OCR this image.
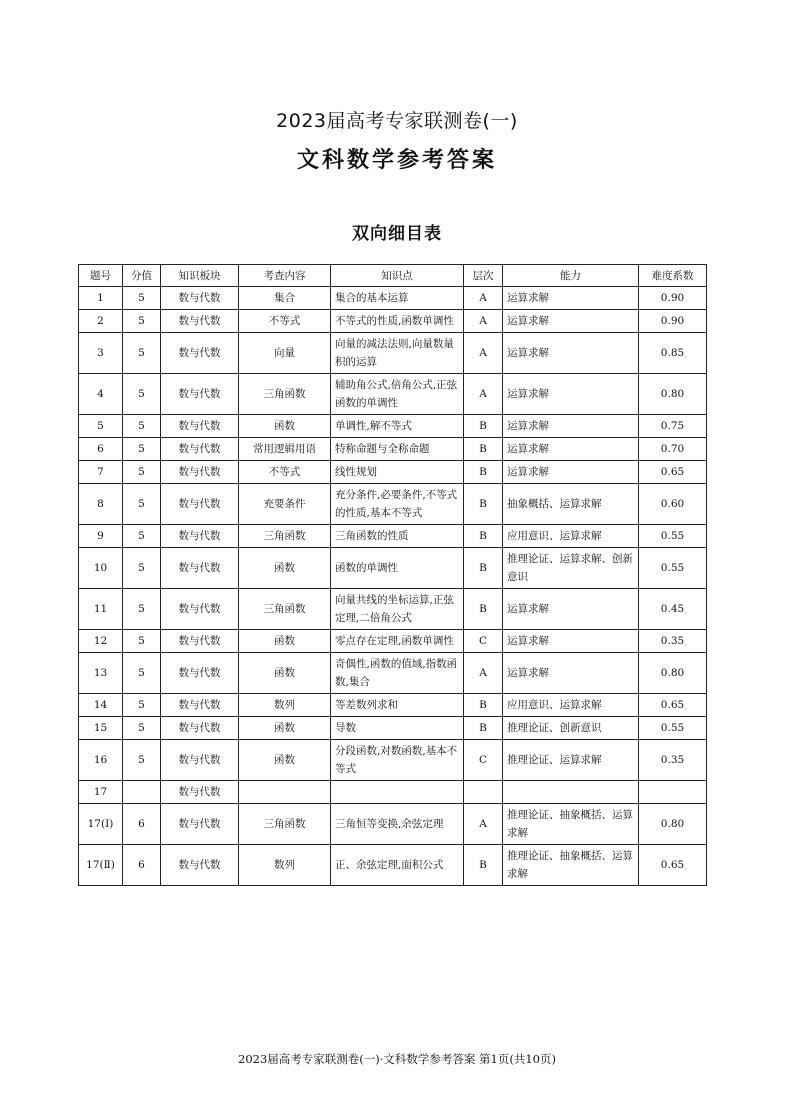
2023届高考专家联测卷(一)
文科数学参考答案
双向细目表
题号	分值	知识板块	考查内容	知识点	层次	能力	难度系数
1	5	数与代数	集合	集合的基本运算	A	运算求解	0.90
2	5	数与代数	不等式	不等式的性质,函数单调性	A	运算求解	0.90
3	5	数与代数	向量	向量的减法法则,向量数量积的运算	A	运算求解	0.85
4	5	数与代数	三角函数	辅助角公式,倍角公式,正弦函数的单调性	A	运算求解	0.80
5	5	数与代数	函数	单调性,解不等式	B	运算求解	0.75
6	5	数与代数	常用逻辑用语	特称命题与全称命题	B	运算求解	0.70
7	5	数与代数	不等式	线性规划	B	运算求解	0.65
8	5	数与代数	充要条件	充分条件,必要条件,不等式的性质,基本不等式	B	抽象概括、运算求解	0.60
9	5	数与代数	三角函数	三角函数的性质	B	应用意识、运算求解	0.55
10	5	数与代数	函数	函数的单调性	B	推理论证、运算求解、创新意识	0.55
11	5	数与代数	三角函数	向量共线的坐标运算,正弦定理,二倍角公式	B	运算求解	0.45
12	5	数与代数	函数	零点存在定理,函数单调性	C	运算求解	0.35
13	5	数与代数	函数	奇偶性,函数的值域,指数函数,集合	A	运算求解	0.80
14	5	数与代数	数列	等差数列求和	B	应用意识、运算求解	0.65
15	5	数与代数	函数	导数	B	推理论证、创新意识	0.55
16	5	数与代数	函数	分段函数,对数函数,基本不等式	C	推理论证、运算求解	0.35
17		数与代数					
17(Ⅰ)	6	数与代数	三角函数	三角恒等变换,余弦定理	A	推理论证、抽象概括、运算求解	0.80
17(Ⅱ)	6	数与代数	数列	正、余弦定理,面积公式	B	推理论证、抽象概括、运算求解	0.65
2023届高考专家联测卷(一)·文科数学参考答案 第1页(共10页)
